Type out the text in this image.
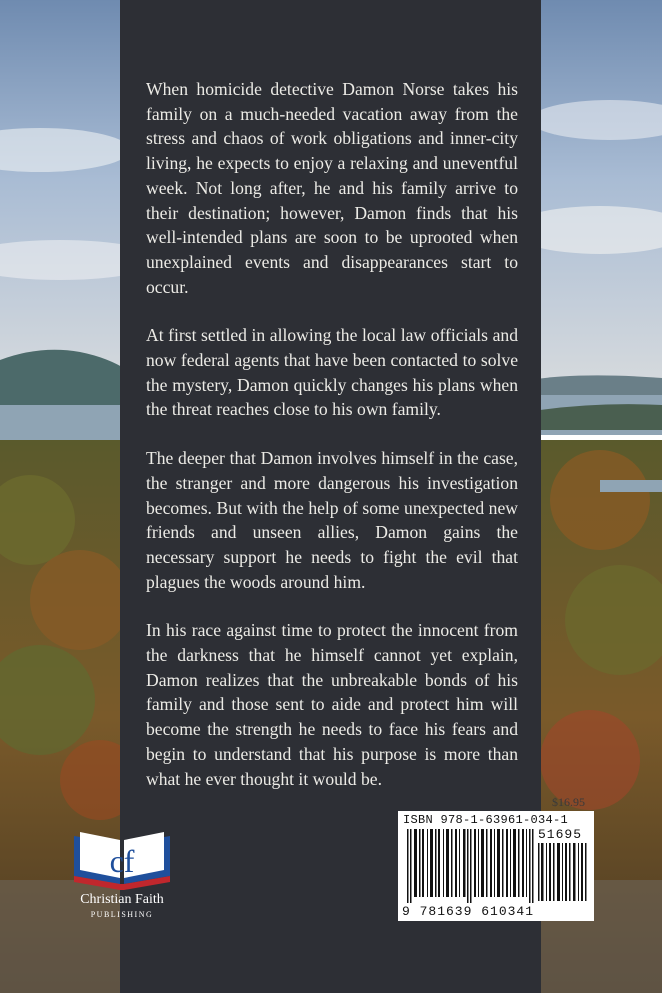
When homicide detective Damon Norse takes his family on a much-needed vacation away from the stress and chaos of work obligations and inner-city living, he expects to enjoy a relaxing and uneventful week. Not long after, he and his family arrive to their destination; however, Damon finds that his well-intended plans are soon to be uprooted when unexplained events and disappearances start to occur.

At first settled in allowing the local law officials and now federal agents that have been contacted to solve the mystery, Damon quickly changes his plans when the threat reaches close to his own family.

The deeper that Damon involves himself in the case, the stranger and more dangerous his investigation becomes. But with the help of some unexpected new friends and unseen allies, Damon gains the necessary support he needs to fight the evil that plagues the woods around him.

In his race against time to protect the innocent from the darkness that he himself cannot yet explain, Damon realizes that the unbreakable bonds of his family and those sent to aide and protect him will become the strength he needs to face his fears and begin to understand that his purpose is more than what he ever thought it would be.

cf
Christian Faith
PUBLISHING
$16.95
ISBN 978-1-63961-034-1
51695
9 781639 610341
